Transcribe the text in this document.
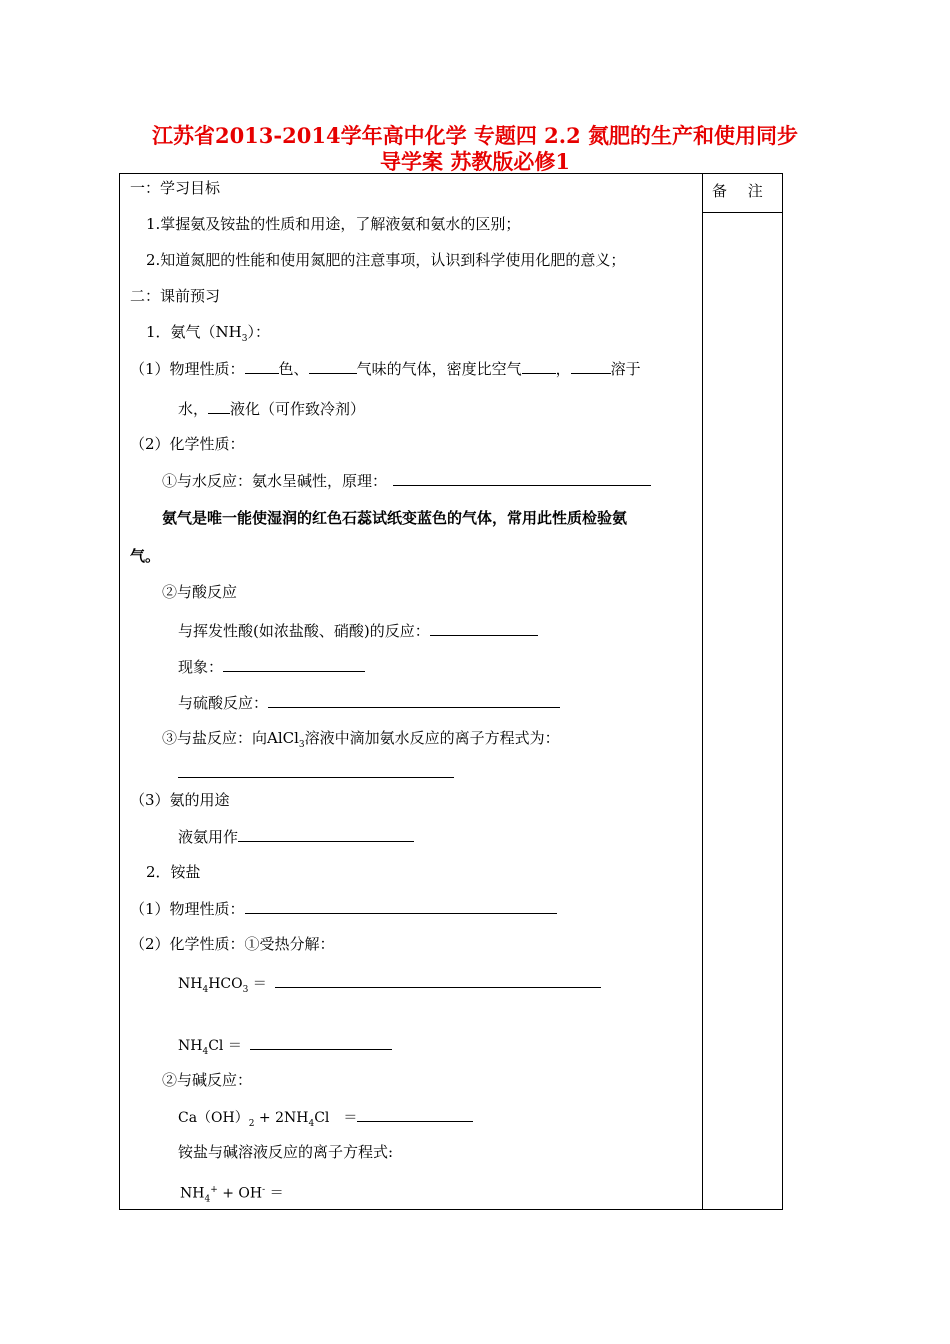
江苏省2013-2014学年高中化学 专题四 2.2 氮肥的生产和使用同步
导学案 苏教版必修1
备 注
一：学习目标
1.掌握氨及铵盐的性质和用途，了解液氨和氨水的区别；
2.知道氮肥的性能和使用氮肥的注意事项，认识到科学使用化肥的意义；
二：课前预习
1．氨气$(NH_3)$：
（1）物理性质： 色、	气味的气体，密度比空气 ，	溶于
水， 液化（可作致冷剂）
（2）化学性质：
①与水反应：氨水呈碱性，原理：
氨气是唯一能使湿润的红色石蕊试纸变蓝色的气体，常用此性质检验氨
气。
②与酸反应
与挥发性酸(如浓盐酸、硝酸)的反应：
现象：
与硫酸反应：
③与盐反应：向AlCl$_3$溶液中滴加氨水反应的离子方程式为：
（3）氨的用途
液氨用作
2．铵盐
（1）物理性质：
（2）化学性质：①受热分解：
$NH_4HCO_3$ ＝
$NH_4Cl$ ＝
②与碱反应：
$Ca(OH)_2 + 2NH_4Cl$　＝
铵盐与碱溶液反应的离子方程式:
$NH_4^+ + OH^-$ ＝
